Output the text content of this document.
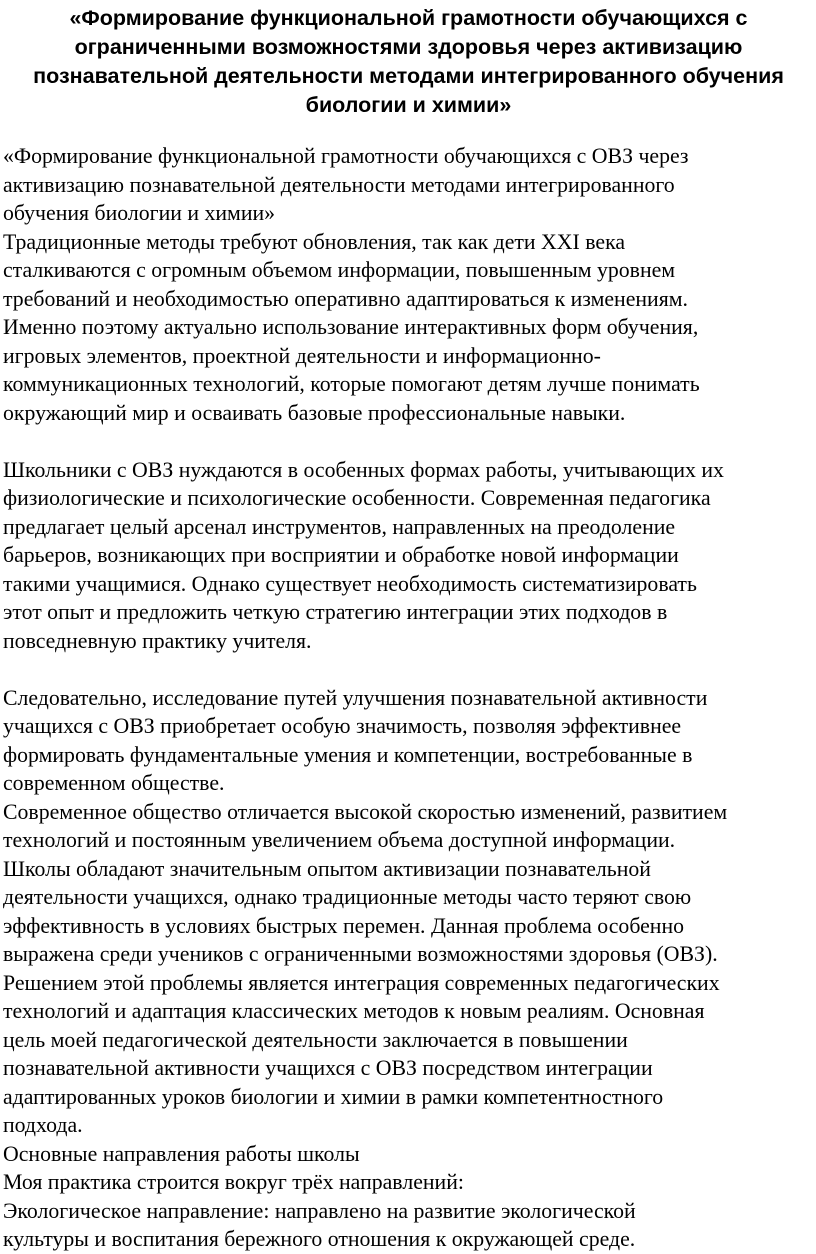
«Формирование функциональной грамотности обучающихся с
ограниченными возможностями здоровья через активизацию
познавательной деятельности методами интегрированного обучения
биологии и химии»
«Формирование функциональной грамотности обучающихся с ОВЗ через
активизацию познавательной деятельности методами интегрированного
обучения биологии и химии»
Традиционные методы требуют обновления, так как дети XXI века
сталкиваются с огромным объемом информации, повышенным уровнем
требований и необходимостью оперативно адаптироваться к изменениям.
Именно поэтому актуально использование интерактивных форм обучения,
игровых элементов, проектной деятельности и информационно-
коммуникационных технологий, которые помогают детям лучше понимать
окружающий мир и осваивать базовые профессиональные навыки.
Школьники с ОВЗ нуждаются в особенных формах работы, учитывающих их
физиологические и психологические особенности. Современная педагогика
предлагает целый арсенал инструментов, направленных на преодоление
барьеров, возникающих при восприятии и обработке новой информации
такими учащимися. Однако существует необходимость систематизировать
этот опыт и предложить четкую стратегию интеграции этих подходов в
повседневную практику учителя.
Следовательно, исследование путей улучшения познавательной активности
учащихся с ОВЗ приобретает особую значимость, позволяя эффективнее
формировать фундаментальные умения и компетенции, востребованные в
современном обществе.
Современное общество отличается высокой скоростью изменений, развитием
технологий и постоянным увеличением объема доступной информации.
Школы обладают значительным опытом активизации познавательной
деятельности учащихся, однако традиционные методы часто теряют свою
эффективность в условиях быстрых перемен. Данная проблема особенно
выражена среди учеников с ограниченными возможностями здоровья (ОВЗ).
Решением этой проблемы является интеграция современных педагогических
технологий и адаптация классических методов к новым реалиям. Основная
цель моей педагогической деятельности заключается в повышении
познавательной активности учащихся с ОВЗ посредством интеграции
адаптированных уроков биологии и химии в рамки компетентностного
подхода.
Основные направления работы школы
Моя практика строится вокруг трёх направлений:
Экологическое направление: направлено на развитие экологической
культуры и воспитания бережного отношения к окружающей среде.
